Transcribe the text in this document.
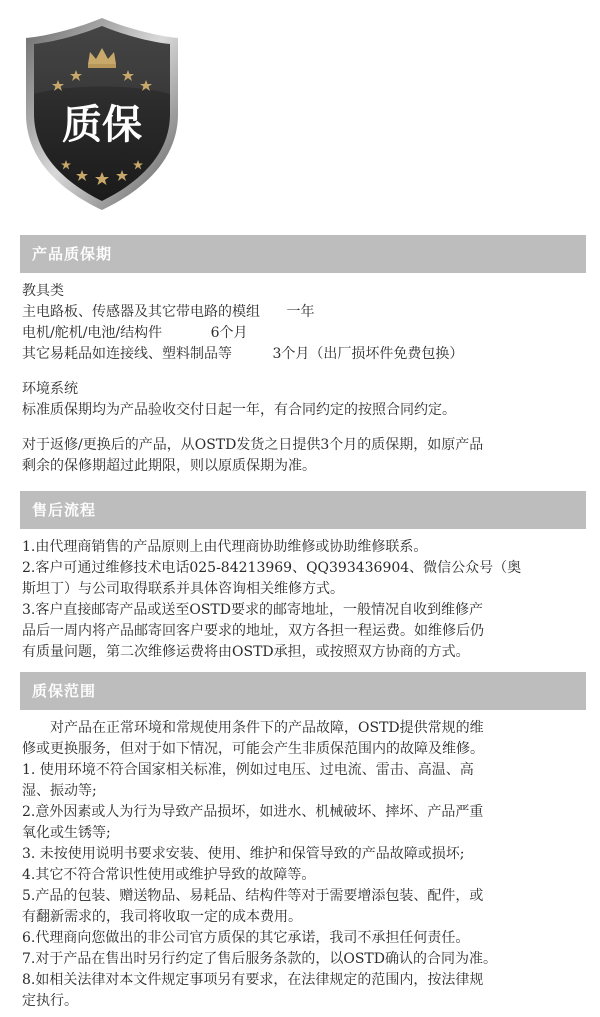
质保
产品质保期
教具类
主电路板、传感器及其它带电路的模组 一年
电机/舵机/电池/结构件	6个月
其它易耗品如连接线、塑料制品等	3个月（出厂损坏件免费包换）
环境系统
标准质保期均为产品验收交付日起一年，有合同约定的按照合同约定。
对于返修/更换后的产品，从OSTD发货之日提供3个月的质保期，如原产品
剩余的保修期超过此期限，则以原质保期为准。
售后流程
1.由代理商销售的产品原则上由代理商协助维修或协助维修联系。
2.客户可通过维修技术电话025-84213969、QQ393436904、微信公众号（奥
斯坦丁）与公司取得联系并具体咨询相关维修方式。
3.客户直接邮寄产品或送至OSTD要求的邮寄地址，一般情况自收到维修产
品后一周内将产品邮寄回客户要求的地址，双方各担一程运费。如维修后仍
有质量问题，第二次维修运费将由OSTD承担，或按照双方协商的方式。
质保范围
对产品在正常环境和常规使用条件下的产品故障，OSTD提供常规的维
修或更换服务，但对于如下情况，可能会产生非质保范围内的故障及维修。
1. 使用环境不符合国家相关标准，例如过电压、过电流、雷击、高温、高
湿、振动等;
2.意外因素或人为行为导致产品损坏，如进水、机械破坏、摔坏、产品严重
氧化或生锈等;
3. 未按使用说明书要求安装、使用、维护和保管导致的产品故障或损坏;
4.其它不符合常识性使用或维护导致的故障等。
5.产品的包装、赠送物品、易耗品、结构件等对于需要增添包装、配件，或
有翻新需求的，我司将收取一定的成本费用。
6.代理商向您做出的非公司官方质保的其它承诺，我司不承担任何责任。
7.对于产品在售出时另行约定了售后服务条款的，以OSTD确认的合同为准。
8.如相关法律对本文件规定事项另有要求，在法律规定的范围内，按法律规
定执行。
